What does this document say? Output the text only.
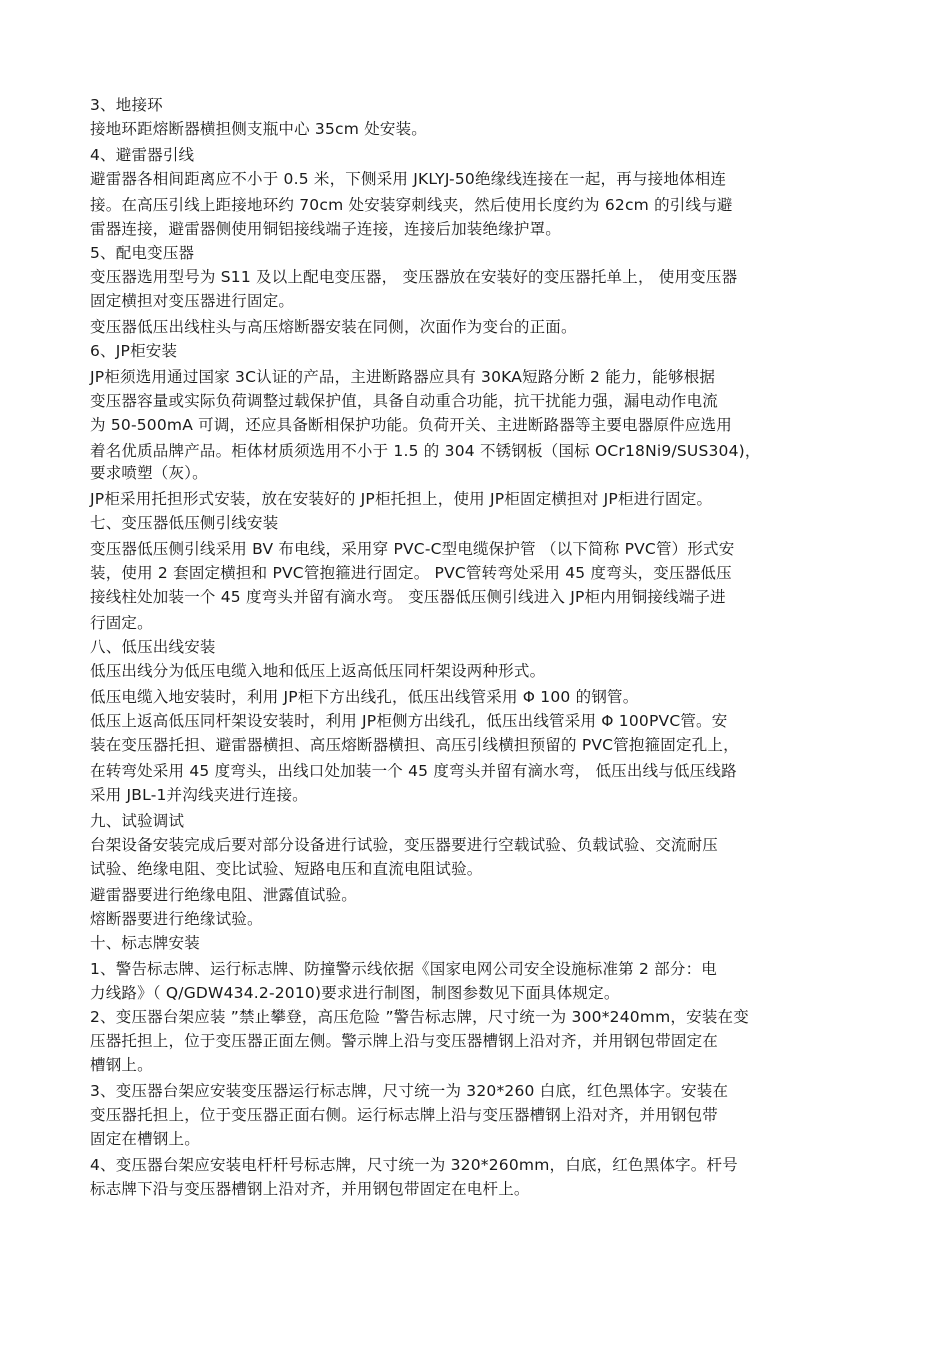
3、地接环
接地环距熔断器横担侧支瓶中心 35cm 处安装。
4、避雷器引线
避雷器各相间距离应不小于 0.5 米，下侧采用 JKLYJ-50绝缘线连接在一起，再与接地体相连
接。在高压引线上距接地环约 70cm 处安装穿刺线夹，然后使用长度约为 62cm 的引线与避
雷器连接，避雷器侧使用铜铝接线端子连接，连接后加装绝缘护罩。
5、配电变压器
变压器选用型号为 S11 及以上配电变压器， 变压器放在安装好的变压器托单上， 使用变压器
固定横担对变压器进行固定。
变压器低压出线柱头与高压熔断器安装在同侧，次面作为变台的正面。
6、JP柜安装
JP柜须选用通过国家 3C认证的产品，主进断路器应具有 30KA短路分断 2 能力，能够根据
变压器容量或实际负荷调整过载保护值，具备自动重合功能，抗干扰能力强，漏电动作电流
为 50-500mA 可调，还应具备断相保护功能。负荷开关、主进断路器等主要电器原件应选用
着名优质品牌产品。柜体材质须选用不小于 1.5 的 304 不锈钢板（国标 OCr18Ni9/SUS304)，
要求喷塑（灰）。
JP柜采用托担形式安装，放在安装好的 JP柜托担上，使用 JP柜固定横担对 JP柜进行固定。
七、变压器低压侧引线安装
变压器低压侧引线采用 BV 布电线，采用穿 PVC-C型电缆保护管 （以下简称 PVC管）形式安
装，使用 2 套固定横担和 PVC管抱箍进行固定。 PVC管转弯处采用 45 度弯头，变压器低压
接线柱处加装一个 45 度弯头并留有滴水弯。 变压器低压侧引线进入 JP柜内用铜接线端子进
行固定。
八、低压出线安装
低压出线分为低压电缆入地和低压上返高低压同杆架设两种形式。
低压电缆入地安装时，利用 JP柜下方出线孔，低压出线管采用 Φ 100 的钢管。
低压上返高低压同杆架设安装时，利用 JP柜侧方出线孔，低压出线管采用 Φ 100PVC管。安
装在变压器托担、避雷器横担、高压熔断器横担、高压引线横担预留的 PVC管抱箍固定孔上，
在转弯处采用 45 度弯头，出线口处加装一个 45 度弯头并留有滴水弯， 低压出线与低压线路
采用 JBL-1并沟线夹进行连接。
九、试验调试
台架设备安装完成后要对部分设备进行试验，变压器要进行空载试验、负载试验、交流耐压
试验、绝缘电阻、变比试验、短路电压和直流电阻试验。
避雷器要进行绝缘电阻、泄露值试验。
熔断器要进行绝缘试验。
十、标志牌安装
1、警告标志牌、运行标志牌、防撞警示线依据《国家电网公司安全设施标准第 2 部分：电
力线路》（ Q/GDW434.2-2010)要求进行制图，制图参数见下面具体规定。
2、变压器台架应装 ”禁止攀登，高压危险 ”警告标志牌，尺寸统一为 300*240mm，安装在变
压器托担上，位于变压器正面左侧。警示牌上沿与变压器槽钢上沿对齐，并用钢包带固定在
槽钢上。
3、变压器台架应安装变压器运行标志牌，尺寸统一为 320*260 白底，红色黑体字。安装在
变压器托担上，位于变压器正面右侧。运行标志牌上沿与变压器槽钢上沿对齐，并用钢包带
固定在槽钢上。
4、变压器台架应安装电杆杆号标志牌，尺寸统一为 320*260mm，白底，红色黑体字。杆号
标志牌下沿与变压器槽钢上沿对齐，并用钢包带固定在电杆上。
